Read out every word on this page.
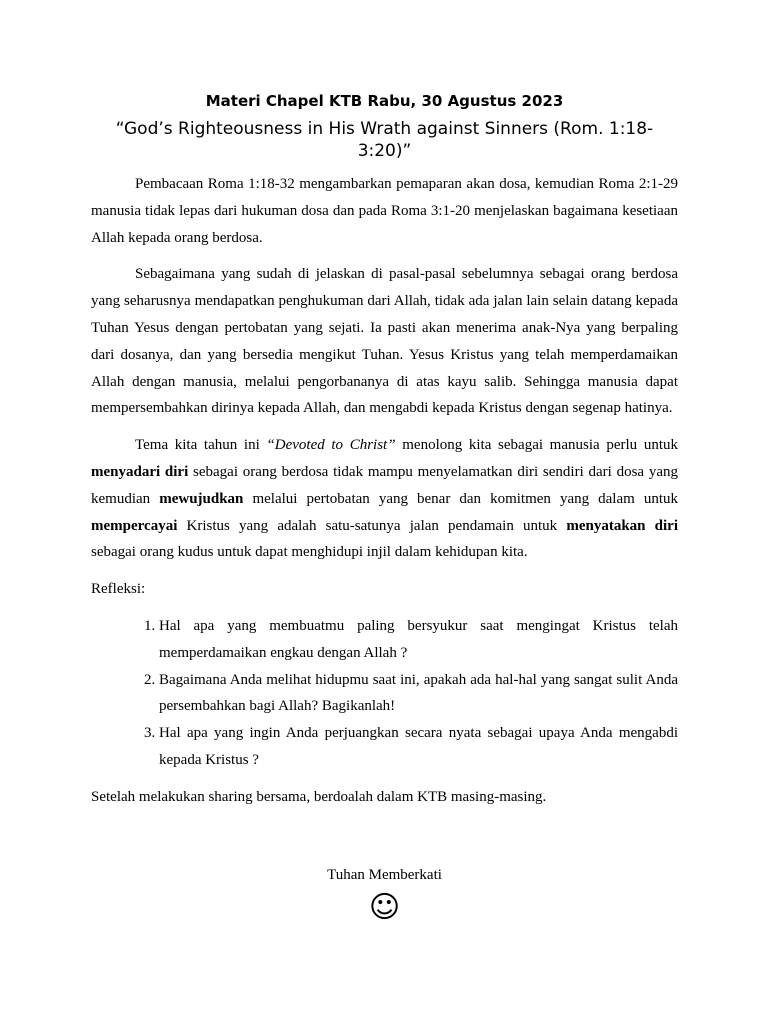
Materi Chapel KTB Rabu, 30 Agustus 2023
“God’s Righteousness in His Wrath against Sinners (Rom. 1:18-
3:20)”

Pembacaan Roma 1:18-32 mengambarkan pemaparan akan dosa, kemudian Roma 2:1-29 manusia tidak lepas dari hukuman dosa dan pada Roma 3:1-20 menjelaskan bagaimana kesetiaan Allah kepada orang berdosa.

Sebagaimana yang sudah di jelaskan di pasal-pasal sebelumnya sebagai orang berdosa yang seharusnya mendapatkan penghukuman dari Allah, tidak ada jalan lain selain datang kepada Tuhan Yesus dengan pertobatan yang sejati. Ia pasti akan menerima anak-Nya yang berpaling dari dosanya, dan yang bersedia mengikut Tuhan. Yesus Kristus yang telah memperdamaikan Allah dengan manusia, melalui pengorbananya di atas kayu salib. Sehingga manusia dapat mempersembahkan dirinya kepada Allah, dan mengabdi kepada Kristus dengan segenap hatinya.

Tema kita tahun ini “Devoted to Christ” menolong kita sebagai manusia perlu untuk menyadari diri sebagai orang berdosa tidak mampu menyelamatkan diri sendiri dari dosa yang kemudian mewujudkan melalui pertobatan yang benar dan komitmen yang dalam untuk mempercayai Kristus yang adalah satu-satunya jalan pendamain untuk menyatakan diri sebagai orang kudus untuk dapat menghidupi injil dalam kehidupan kita.

Refleksi:

1. Hal apa yang membuatmu paling bersyukur saat mengingat Kristus telah memperdamaikan engkau dengan Allah ?
2. Bagaimana Anda melihat hidupmu saat ini, apakah ada hal-hal yang sangat sulit Anda persembahkan bagi Allah? Bagikanlah!
3. Hal apa yang ingin Anda perjuangkan secara nyata sebagai upaya Anda mengabdi kepada Kristus ?

Setelah melakukan sharing bersama, berdoalah dalam KTB masing-masing.

Tuhan Memberkati

☺
